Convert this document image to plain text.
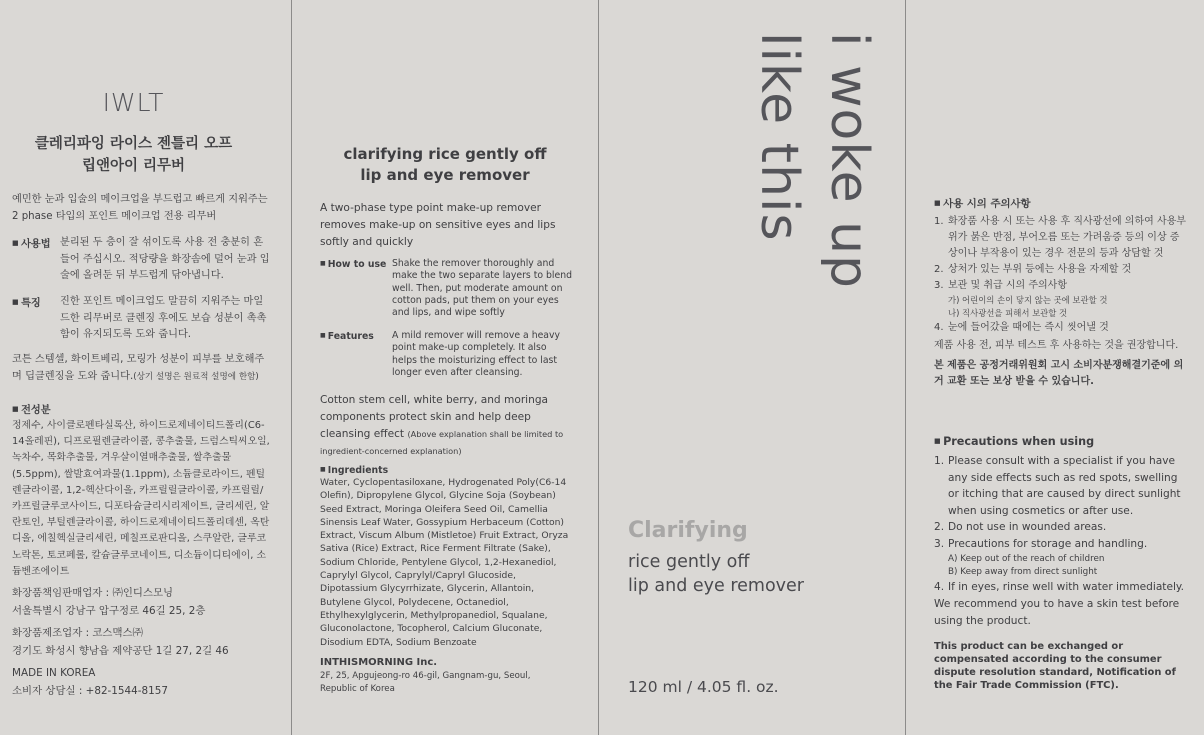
IWLT
클레리파잉 라이스 젠틀리 오프
립앤아이 리무버
예민한 눈과 입술의 메이크업을 부드럽고 빠르게 지워주는 2 phase 타입의 포인트 메이크업 전용 리무버
■ 사용법 분리된 두 층이 잘 섞이도록 사용 전 충분히 흔들어 주십시오. 적당량을 화장솜에 덜어 눈과 입술에 올려둔 뒤 부드럽게 닦아냅니다.
■ 특징	진한 포인트 메이크업도 말끔히 지워주는 마일드한 리무버로 클렌징 후에도 보습 성분이 촉촉함이 유지되도록 도와 줍니다.
코튼 스템셀, 화이트베리, 모링가 성분이 피부를 보호해주며 딥클렌징을 도와 줍니다.(상기 설명은 원료적 설명에 한함)
■ 전성분
정제수, 사이클로펜타실록산, 하이드로제네이티드폴리(C6-14올레핀), 디프로필렌글라이콜, 콩추출물, 드럼스틱씨오일, 녹차수, 목화추출물, 겨우살이열매추출물, 쌀추출물(5.5ppm), 쌀발효여과물(1.1ppm), 소듐클로라이드, 펜틸렌글라이콜, 1,2-헥산다이올, 카프릴릴글라이콜, 카프릴릴/카프릴글루코사이드, 디포타슘글리시리제이트, 글리세린, 알란토인, 부틸렌글라이콜, 하이드로제네이티드폴리데센, 옥탄디올, 에칠헥실글리세린, 메칠프로판디올, 스쿠알란, 글루코노락톤, 토코페롤, 칼슘글루코네이트, 디소듐이디티에이, 소듐벤조에이트
화장품책임판매업자 : ㈜인디스모닝
서울특별시 강남구 압구정로 46길 25, 2층
화장품제조업자 : 코스맥스㈜
경기도 화성시 향남읍 제약공단 1길 27, 2길 46
MADE IN KOREA
소비자 상담실 : +82-1544-8157
clarifying rice gently off
lip and eye remover
A two-phase type point make-up remover removes make-up on sensitive eyes and lips softly and quickly
■ How to use Shake the remover thoroughly and make the two separate layers to blend well. Then, put moderate amount on cotton pads, put them on your eyes and lips, and wipe softly
■ Features	A mild remover will remove a heavy point make-up completely. It also helps the moisturizing effect to last longer even after cleansing.
Cotton stem cell, white berry, and moringa components protect skin and help deep cleansing effect (Above explanation shall be limited to ingredient-concerned explanation)
■ Ingredients
Water, Cyclopentasiloxane, Hydrogenated Poly(C6-14 Olefin), Dipropylene Glycol, Glycine Soja (Soybean) Seed Extract, Moringa Oleifera Seed Oil, Camellia Sinensis Leaf Water, Gossypium Herbaceum (Cotton) Extract, Viscum Album (Mistletoe) Fruit Extract, Oryza Sativa (Rice) Extract, Rice Ferment Filtrate (Sake), Sodium Chloride, Pentylene Glycol, 1,2-Hexanediol, Caprylyl Glycol, Caprylyl/Capryl Glucoside, Dipotassium Glycyrrhizate, Glycerin, Allantoin, Butylene Glycol, Polydecene, Octanediol, Ethylhexylglycerin, Methylpropanediol, Squalane, Gluconolactone, Tocopherol, Calcium Gluconate, Disodium EDTA, Sodium Benzoate
INTHISMORNING Inc.
2F, 25, Apgujeong-ro 46-gil, Gangnam-gu, Seoul, Republic of Korea
i woke up
like this
Clarifying
rice gently off
lip and eye remover
120 ml / 4.05 fl. oz.
■ 사용 시의 주의사항
1. 화장품 사용 시 또는 사용 후 직사광선에 의하여 사용부위가 붉은 반점, 부어오름 또는 가려움증 등의 이상 증상이나 부작용이 있는 경우 전문의 등과 상담할 것
2. 상처가 있는 부위 등에는 사용을 자제할 것
3. 보관 및 취급 시의 주의사항
가) 어린이의 손이 닿지 않는 곳에 보관할 것
나) 직사광선을 피해서 보관할 것
4. 눈에 들어갔을 때에는 즉시 씻어낼 것
제품 사용 전, 피부 테스트 후 사용하는 것을 권장합니다.
본 제품은 공정거래위원회 고시 소비자분쟁해결기준에 의거 교환 또는 보상 받을 수 있습니다.
■ Precautions when using
1. Please consult with a specialist if you have any side effects such as red spots, swelling or itching that are caused by direct sunlight when using cosmetics or after use.
2. Do not use in wounded areas.
3. Precautions for storage and handling.
A) Keep out of the reach of children
B) Keep away from direct sunlight
4. If in eyes, rinse well with water immediately.
We recommend you to have a skin test before using the product.
This product can be exchanged or compensated according to the consumer dispute resolution standard, Notification of the Fair Trade Commission (FTC).
